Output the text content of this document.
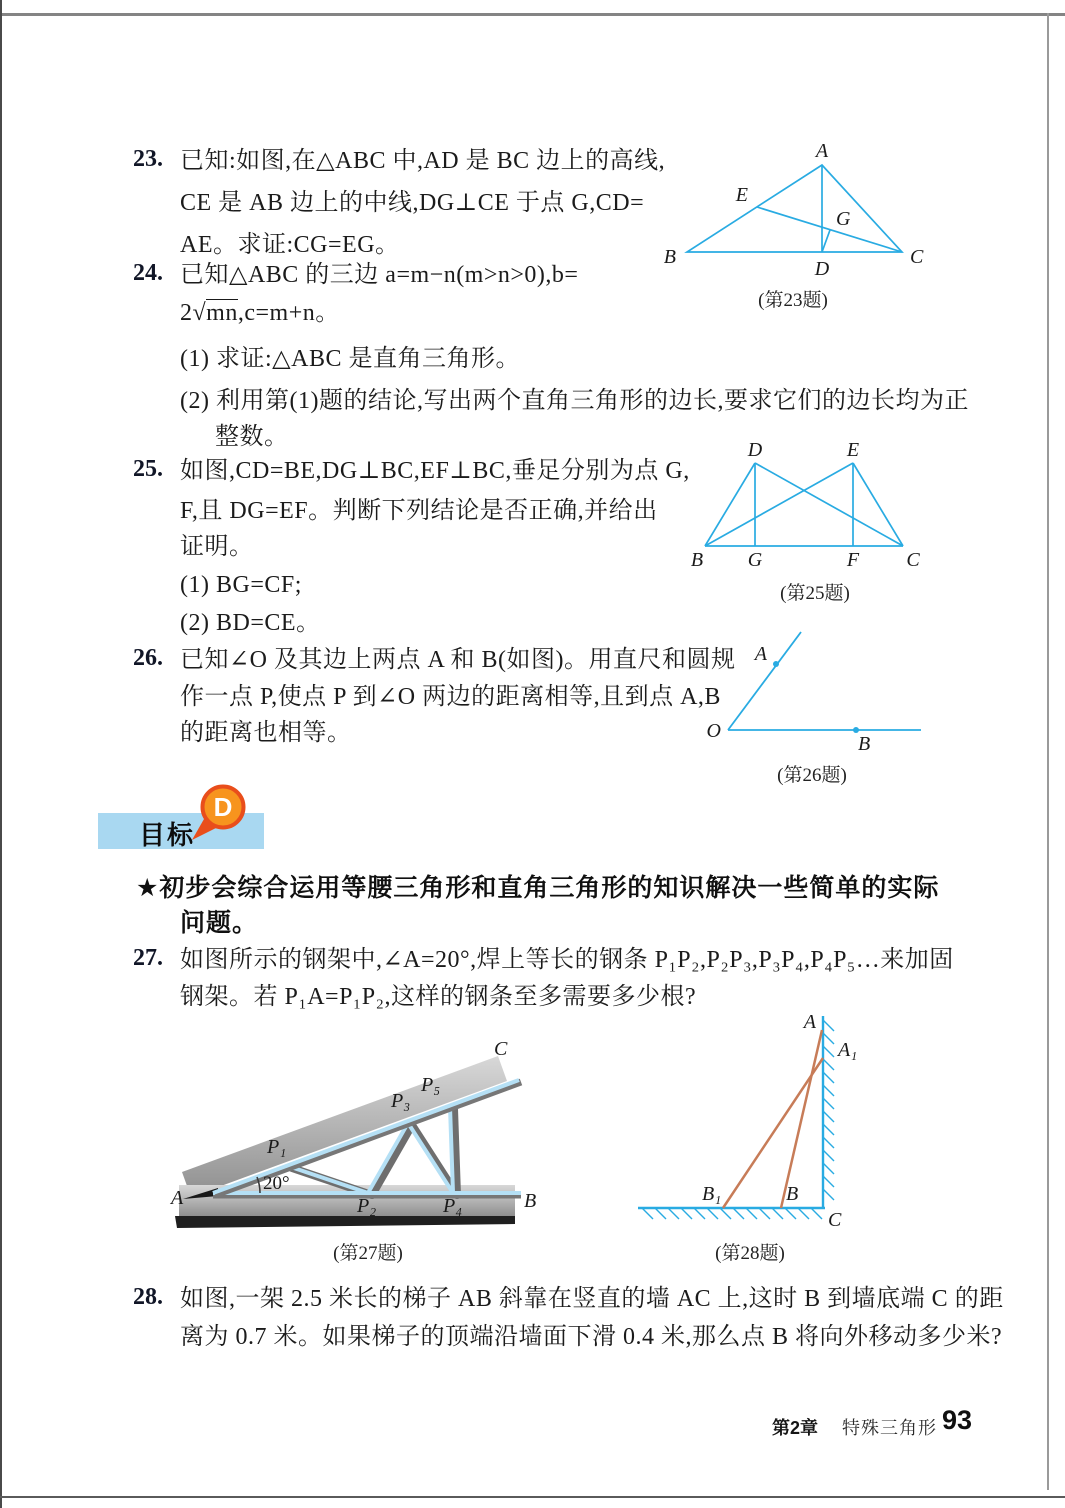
23. 已知:如图,在△ABC 中,AD 是 BC 边上的高线,
CE 是 AB 边上的中线,DG⊥CE 于点 G,CD=
AE。求证:CG=EG。
A
B	C
D
E
G
(第23题)
24. 已知△ABC 的三边 a=m−n(m>n>0),b=
2√mn,c=m+n。
(1) 求证:△ABC 是直角三角形。
(2) 利用第(1)题的结论,写出两个直角三角形的边长,要求它们的边长均为正
整数。
25. 如图,CD=BE,DG⊥BC,EF⊥BC,垂足分别为点 G,
F,且 DG=EF。判断下列结论是否正确,并给出
证明。
(1) BG=CF;
(2) BD=CE。
D	E
B G	F C
(第25题)
26. 已知∠O 及其边上两点 A 和 B(如图)。用直尺和圆规
作一点 P,使点 P 到∠O 两边的距离相等,且到点 A,B
的距离也相等。	O
A
B
(第26题)
目标
D
★初步会综合运用等腰三角形和直角三角形的知识解决一些简单的实际
问题。
27. 如图所示的钢架中,∠A=20°,焊上等长的钢条 P₁P₂,P₂P₃,P₃P₄,P₄P₅…来加固
钢架。若 P₁A=P₁P₂,这样的钢条至多需要多少根?
20°
A	B
C
P₁
P₂
P₃
P₄
P₅
(第27题)
A
A₁
B₁	B
C
(第28题)
28. 如图,一架 2.5 米长的梯子 AB 斜靠在竖直的墙 AC 上,这时 B 到墙底端 C 的距
离为 0.7 米。如果梯子的顶端沿墙面下滑 0.4 米,那么点 B 将向外移动多少米?
第2章 特殊三角形 93
